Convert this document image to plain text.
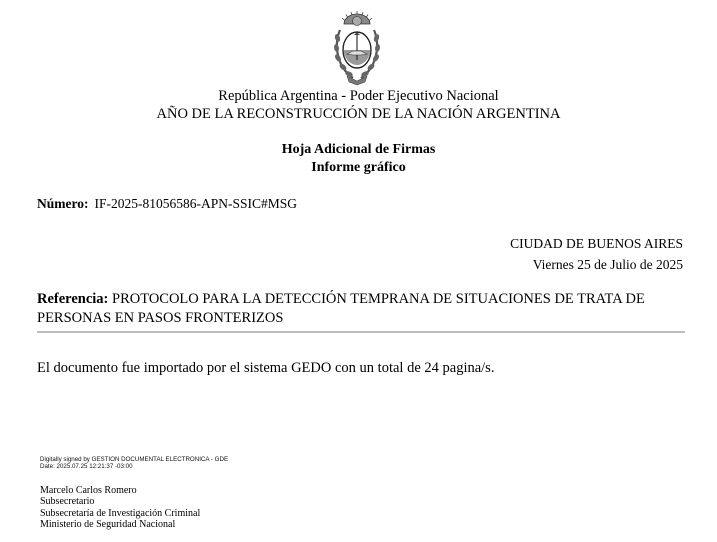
República Argentina - Poder Ejecutivo Nacional
AÑO DE LA RECONSTRUCCIÓN DE LA NACIÓN ARGENTINA
Hoja Adicional de Firmas
Informe gráfico
Número: IF-2025-81056586-APN-SSIC#MSG
CIUDAD DE BUENOS AIRES
Viernes 25 de Julio de 2025
Referencia: PROTOCOLO PARA LA DETECCIÓN TEMPRANA DE SITUACIONES DE TRATA DE PERSONAS EN PASOS FRONTERIZOS
El documento fue importado por el sistema GEDO con un total de 24 pagina/s.
Digitally signed by GESTION DOCUMENTAL ELECTRONICA - GDE
Date: 2025.07.25 12:21:37 -03:00
Marcelo Carlos Romero
Subsecretario
Subsecretaría de Investigación Criminal
Ministerio de Seguridad Nacional
